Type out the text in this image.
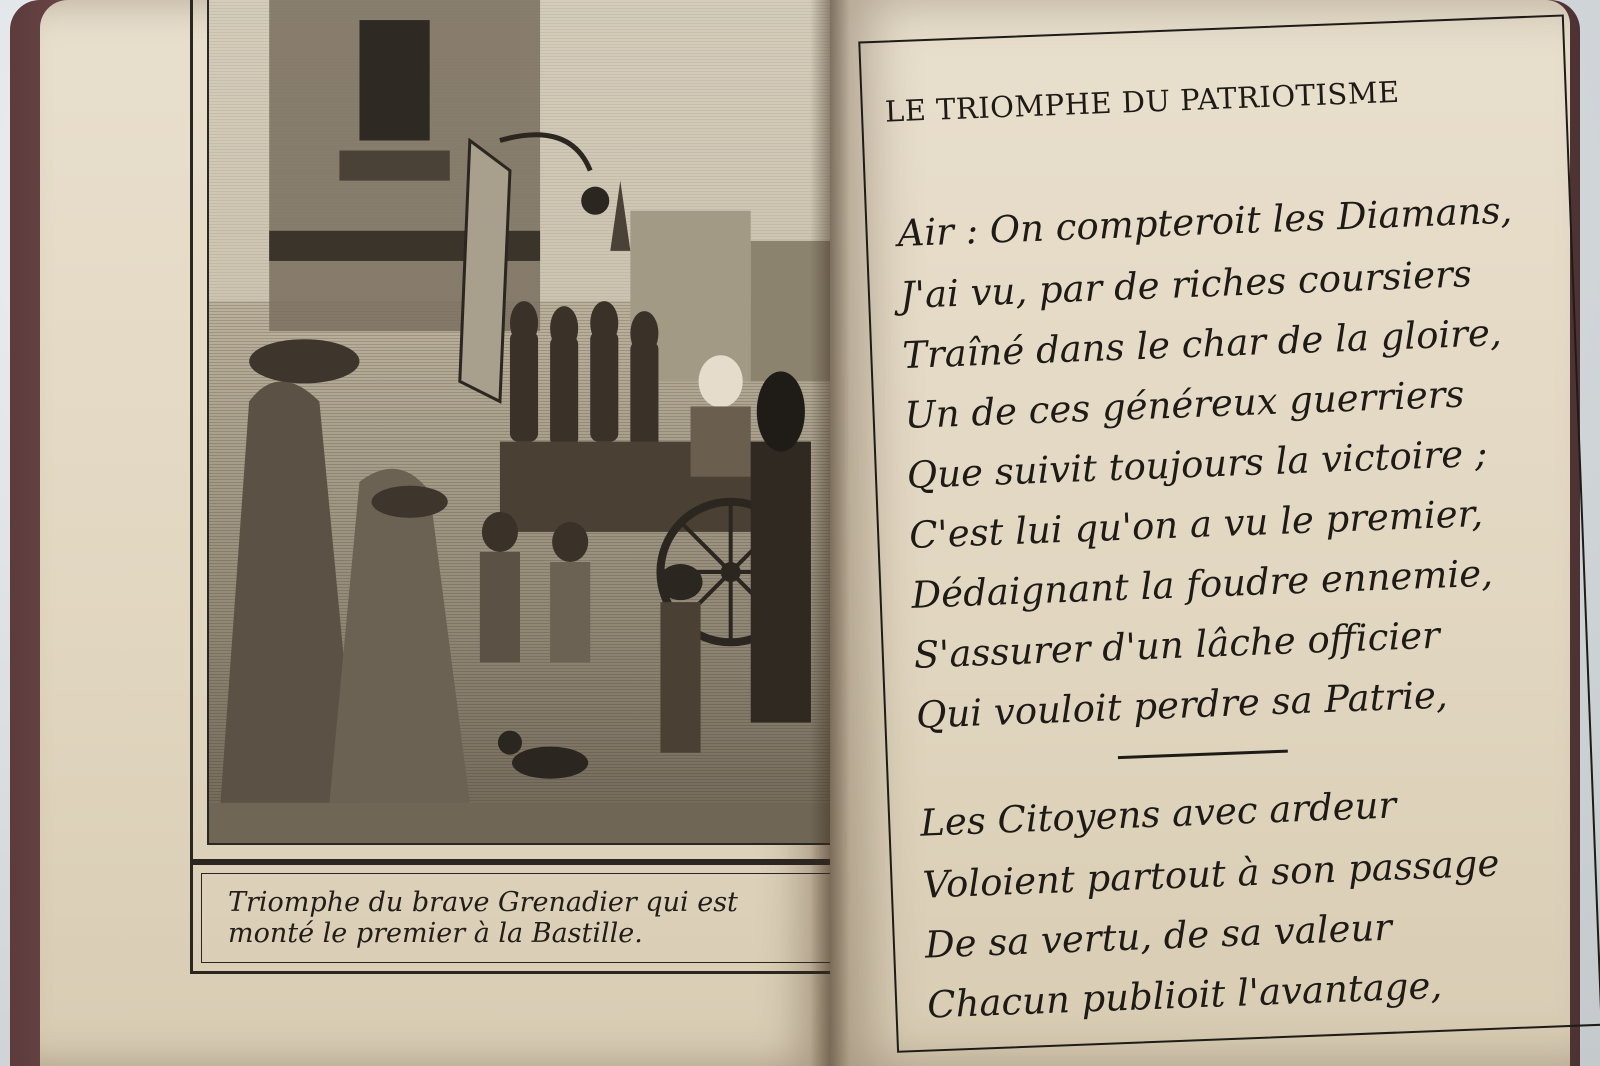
Triomphe du brave Grenadier qui est
monté le premier à la Bastille.
LE TRIOMPHE DU PATRIOTISME
Air : On compteroit les Diamans,
J'ai vu, par de riches coursiers
Traîné dans le char de la gloire,
Un de ces généreux guerriers
Que suivit toujours la victoire ;
C'est lui qu'on a vu le premier,
Dédaignant la foudre ennemie,
S'assurer d'un lâche officier
Qui vouloit perdre sa Patrie,
Les Citoyens avec ardeur
Voloient partout à son passage
De sa vertu, de sa valeur
Chacun publioit l'avantage,
